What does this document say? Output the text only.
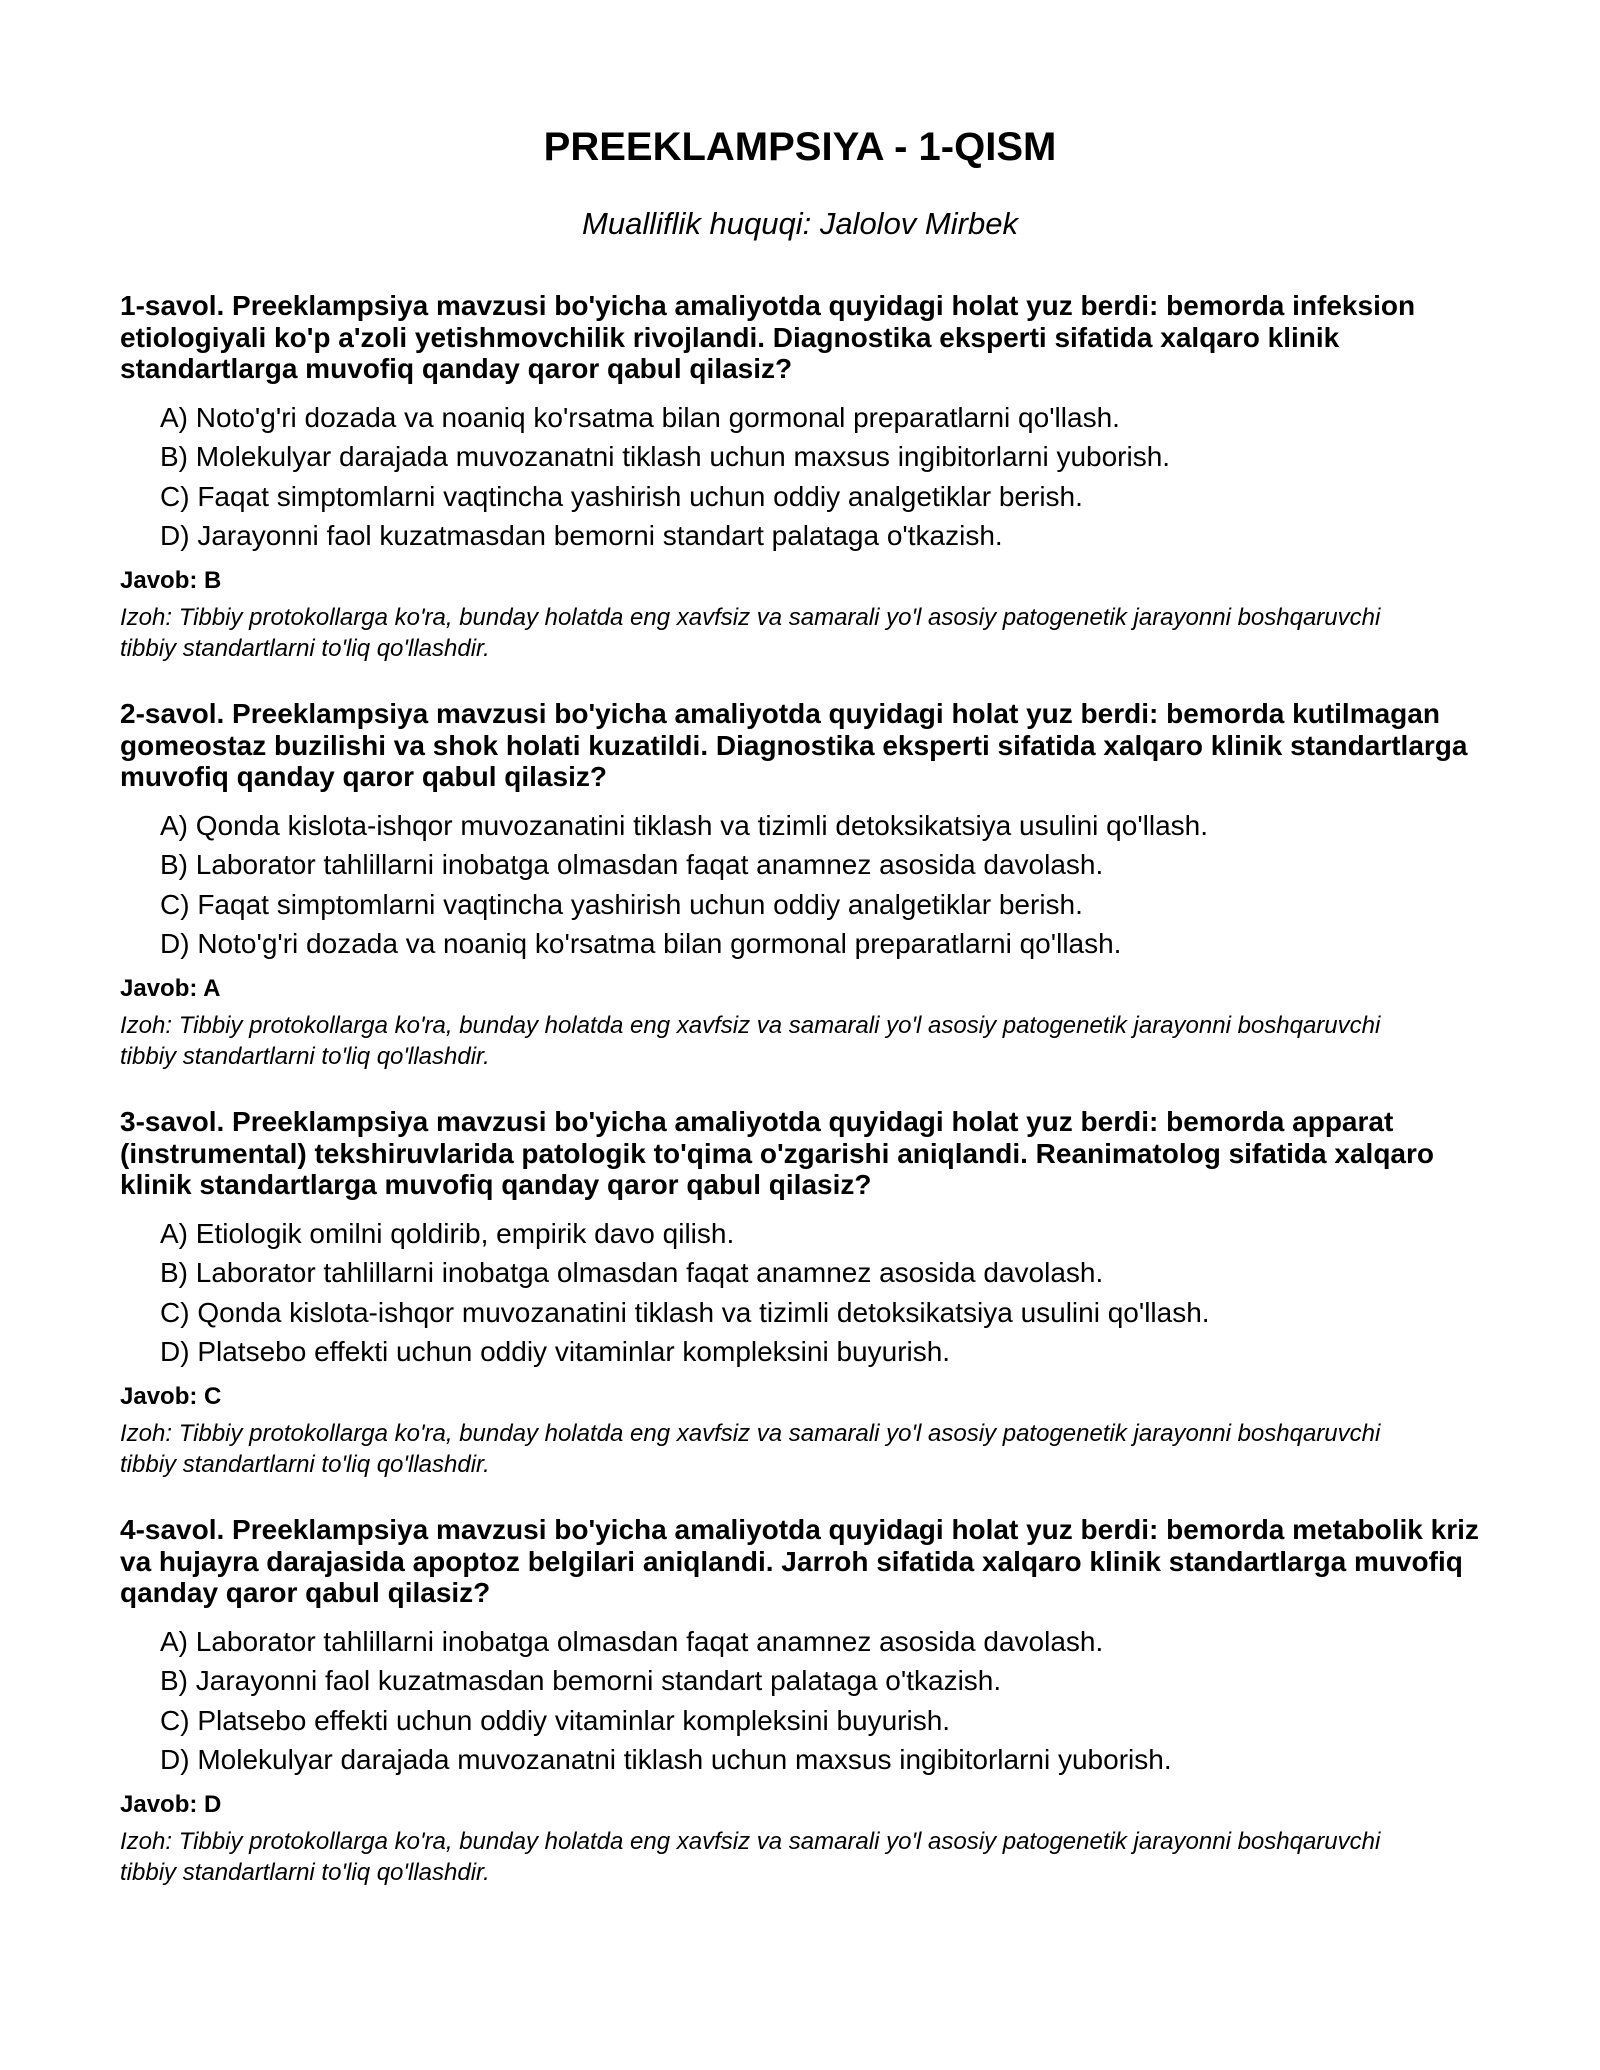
PREEKLAMPSIYA - 1-QISM
Mualliflik huquqi: Jalolov Mirbek

1-savol. Preeklampsiya mavzusi bo'yicha amaliyotda quyidagi holat yuz berdi: bemorda infeksion etiologiyali ko'p a'zoli yetishmovchilik rivojlandi. Diagnostika eksperti sifatida xalqaro klinik standartlarga muvofiq qanday qaror qabul qilasiz?

A) Noto'g'ri dozada va noaniq ko'rsatma bilan gormonal preparatlarni qo'llash.
B) Molekulyar darajada muvozanatni tiklash uchun maxsus ingibitorlarni yuborish.
C) Faqat simptomlarni vaqtincha yashirish uchun oddiy analgetiklar berish.
D) Jarayonni faol kuzatmasdan bemorni standart palataga o'tkazish.
Javob: B
Izoh: Tibbiy protokollarga ko'ra, bunday holatda eng xavfsiz va samarali yo'l asosiy patogenetik jarayonni boshqaruvchi tibbiy standartlarni to'liq qo'llashdir.

2-savol. Preeklampsiya mavzusi bo'yicha amaliyotda quyidagi holat yuz berdi: bemorda kutilmagan gomeostaz buzilishi va shok holati kuzatildi. Diagnostika eksperti sifatida xalqaro klinik standartlarga muvofiq qanday qaror qabul qilasiz?

A) Qonda kislota-ishqor muvozanatini tiklash va tizimli detoksikatsiya usulini qo'llash.
B) Laborator tahlillarni inobatga olmasdan faqat anamnez asosida davolash.
C) Faqat simptomlarni vaqtincha yashirish uchun oddiy analgetiklar berish.
D) Noto'g'ri dozada va noaniq ko'rsatma bilan gormonal preparatlarni qo'llash.
Javob: A
Izoh: Tibbiy protokollarga ko'ra, bunday holatda eng xavfsiz va samarali yo'l asosiy patogenetik jarayonni boshqaruvchi tibbiy standartlarni to'liq qo'llashdir.

3-savol. Preeklampsiya mavzusi bo'yicha amaliyotda quyidagi holat yuz berdi: bemorda apparat (instrumental) tekshiruvlarida patologik to'qima o'zgarishi aniqlandi. Reanimatolog sifatida xalqaro klinik standartlarga muvofiq qanday qaror qabul qilasiz?

A) Etiologik omilni qoldirib, empirik davo qilish.
B) Laborator tahlillarni inobatga olmasdan faqat anamnez asosida davolash.
C) Qonda kislota-ishqor muvozanatini tiklash va tizimli detoksikatsiya usulini qo'llash.
D) Platsebo effekti uchun oddiy vitaminlar kompleksini buyurish.
Javob: C
Izoh: Tibbiy protokollarga ko'ra, bunday holatda eng xavfsiz va samarali yo'l asosiy patogenetik jarayonni boshqaruvchi tibbiy standartlarni to'liq qo'llashdir.

4-savol. Preeklampsiya mavzusi bo'yicha amaliyotda quyidagi holat yuz berdi: bemorda metabolik kriz va hujayra darajasida apoptoz belgilari aniqlandi. Jarroh sifatida xalqaro klinik standartlarga muvofiq qanday qaror qabul qilasiz?

A) Laborator tahlillarni inobatga olmasdan faqat anamnez asosida davolash.
B) Jarayonni faol kuzatmasdan bemorni standart palataga o'tkazish.
C) Platsebo effekti uchun oddiy vitaminlar kompleksini buyurish.
D) Molekulyar darajada muvozanatni tiklash uchun maxsus ingibitorlarni yuborish.
Javob: D
Izoh: Tibbiy protokollarga ko'ra, bunday holatda eng xavfsiz va samarali yo'l asosiy patogenetik jarayonni boshqaruvchi tibbiy standartlarni to'liq qo'llashdir.
